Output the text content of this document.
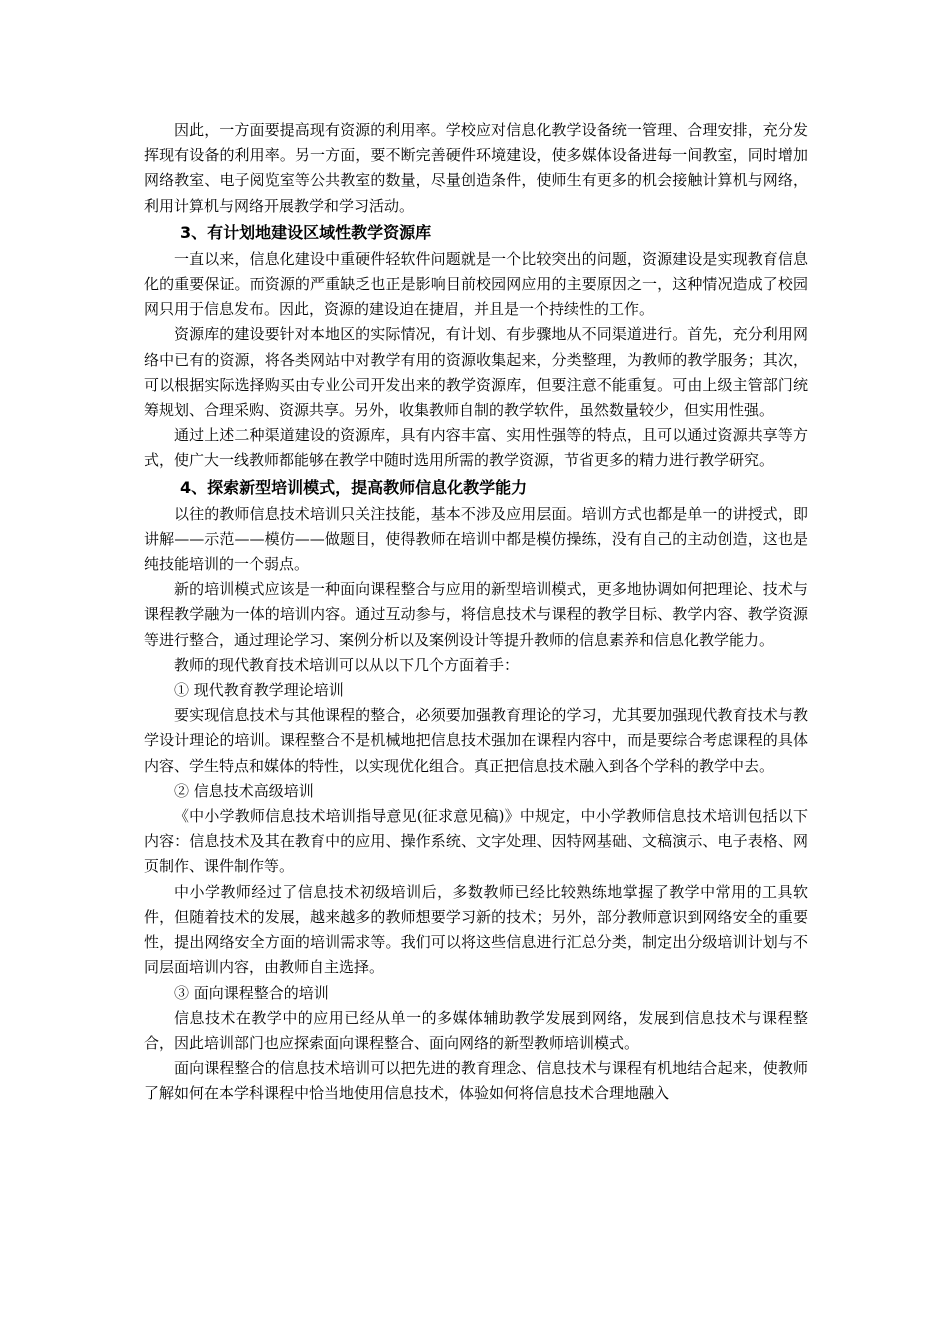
因此，一方面要提高现有资源的利用率。学校应对信息化教学设备统一管理、合理安排，充分发挥现有设备的利用率。另一方面，要不断完善硬件环境建设，使多媒体设备进每一间教室，同时增加网络教室、电子阅览室等公共教室的数量，尽量创造条件，使师生有更多的机会接触计算机与网络，利用计算机与网络开展教学和学习活动。

3、有计划地建设区域性教学资源库

一直以来，信息化建设中重硬件轻软件问题就是一个比较突出的问题，资源建设是实现教育信息化的重要保证。而资源的严重缺乏也正是影响目前校园网应用的主要原因之一，这种情况造成了校园网只用于信息发布。因此，资源的建设迫在捷眉，并且是一个持续性的工作。

资源库的建设要针对本地区的实际情况，有计划、有步骤地从不同渠道进行。首先，充分利用网络中已有的资源，将各类网站中对教学有用的资源收集起来，分类整理，为教师的教学服务；其次，可以根据实际选择购买由专业公司开发出来的教学资源库，但要注意不能重复。可由上级主管部门统筹规划、合理采购、资源共享。另外，收集教师自制的教学软件，虽然数量较少，但实用性强。

通过上述二种渠道建设的资源库，具有内容丰富、实用性强等的特点，且可以通过资源共享等方式，使广大一线教师都能够在教学中随时选用所需的教学资源，节省更多的精力进行教学研究。

4、探索新型培训模式，提高教师信息化教学能力

以往的教师信息技术培训只关注技能，基本不涉及应用层面。培训方式也都是单一的讲授式，即讲解——示范——模仿——做题目，使得教师在培训中都是模仿操练，没有自己的主动创造，这也是纯技能培训的一个弱点。

新的培训模式应该是一种面向课程整合与应用的新型培训模式，更多地协调如何把理论、技术与课程教学融为一体的培训内容。通过互动参与，将信息技术与课程的教学目标、教学内容、教学资源等进行整合，通过理论学习、案例分析以及案例设计等提升教师的信息素养和信息化教学能力。

教师的现代教育技术培训可以从以下几个方面着手：

① 现代教育教学理论培训

要实现信息技术与其他课程的整合，必须要加强教育理论的学习，尤其要加强现代教育技术与教学设计理论的培训。课程整合不是机械地把信息技术强加在课程内容中，而是要综合考虑课程的具体内容、学生特点和媒体的特性，以实现优化组合。真正把信息技术融入到各个学科的教学中去。

② 信息技术高级培训

《中小学教师信息技术培训指导意见(征求意见稿)》中规定，中小学教师信息技术培训包括以下内容：信息技术及其在教育中的应用、操作系统、文字处理、因特网基础、文稿演示、电子表格、网页制作、课件制作等。

中小学教师经过了信息技术初级培训后，多数教师已经比较熟练地掌握了教学中常用的工具软件，但随着技术的发展，越来越多的教师想要学习新的技术；另外，部分教师意识到网络安全的重要性，提出网络安全方面的培训需求等。我们可以将这些信息进行汇总分类，制定出分级培训计划与不同层面培训内容，由教师自主选择。

③ 面向课程整合的培训

信息技术在教学中的应用已经从单一的多媒体辅助教学发展到网络，发展到信息技术与课程整合，因此培训部门也应探索面向课程整合、面向网络的新型教师培训模式。

面向课程整合的信息技术培训可以把先进的教育理念、信息技术与课程有机地结合起来，使教师了解如何在本学科课程中恰当地使用信息技术，体验如何将信息技术合理地融入
